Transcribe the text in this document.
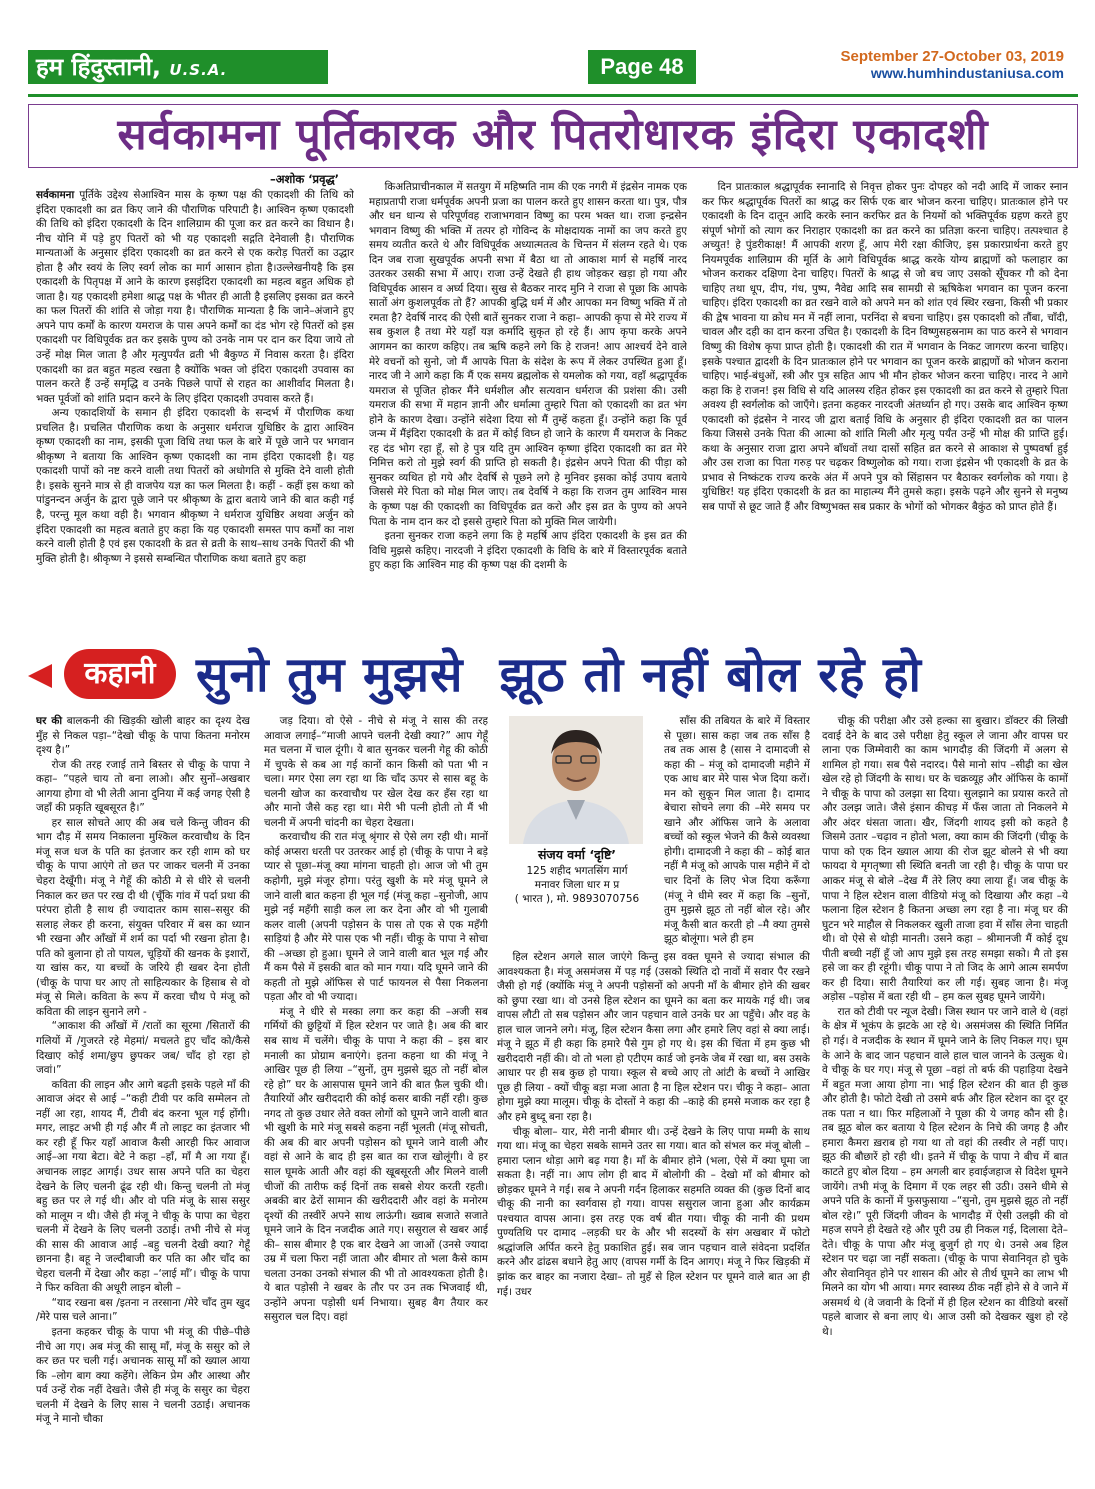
हम हिंदुस्तानी, U.S.A.	Page 48	September 27-October 03, 2019
www.humhindustaniusa.com
सर्वकामना पूर्तिकारक और पितरोधारक इंदिरा एकादशी
–अशोक ‘प्रवृद्ध’

सर्वकामना पूर्तिके उद्देश्य सेआश्विन मास के कृष्ण पक्ष की एकादशी की तिथि को इंदिरा एकादशी का व्रत किए जाने की पौराणिक परिपाटी है। आश्विन कृष्ण एकादशी की तिथि को इंदिरा एकादशी के दिन शालिग्राम की पूजा कर व्रत करने का विधान है। नीच योनि में पड़े हुए पितरों को भी यह एकादशी सद्गति देनेवाली है। पौराणिक मान्यताओं के अनुसार इंदिरा एकादशी का व्रत करने से एक करोड़ पितरों का उद्धार होता है और स्वयं के लिए स्वर्ग लोक का मार्ग आसान होता है।उल्लेखनीयहै कि इस एकादशी के पितृपक्ष में आने के कारण इसइंदिरा एकादशी का महत्व बहुत अधिक हो जाता है। यह एकादशी हमेशा श्राद्ध पक्ष के भीतर ही आती है इसलिए इसका व्रत करने का फल पितरों की शांति से जोड़ा गया है। पौराणिक मान्यता है कि जाने–अंजाने हुए अपने पाप कर्मों के कारण यमराज के पास अपने कर्मों का दंड भोग रहे पितरों को इस एकादशी पर विधिपूर्वक व्रत कर इसके पुण्य को उनके नाम पर दान कर दिया जाये तो उन्हें मोक्ष मिल जाता है और मृत्युपर्यंत व्रती भी बैकुण्ठ में निवास करता है। इंदिरा एकादशी का व्रत बहुत महत्व रखता है क्योंकि भक्त जो इंदिरा एकादशी उपवास का पालन करते हैं उन्हें समृद्धि व उनके पिछले पापों से राहत का आशीर्वाद मिलता है। भक्त पूर्वजों को शांति प्रदान करने के लिए इंदिरा एकादशी उपवास करते हैं।

अन्य एकादशियों के समान ही इंदिरा एकादशी के सन्दर्भ में पौराणिक कथा प्रचलित है। प्रचलित पौराणिक कथा के अनुसार धर्मराज युधिष्ठिर के द्वारा आश्विन कृष्ण एकादशी का नाम, इसकी पूजा विधि तथा फल के बारे में पूछे जाने पर भगवान श्रीकृष्ण ने बताया कि आश्विन कृष्ण एकादशी का नाम इंदिरा एकादशी है। यह एकादशी पापों को नष्ट करने वाली तथा पितरों को अधोगति से मुक्ति देने वाली होती है। इसके सुनने मात्र से ही वाजपेय यज्ञ का फल मिलता है। कहीं - कहीं इस कथा को पांडुनन्दन अर्जुन के द्वारा पूछे जाने पर श्रीकृष्ण के द्वारा बताये जाने की बात कही गई है, परन्तु मूल कथा वही है। भगवान श्रीकृष्ण ने धर्मराज युधिष्ठिर अथवा अर्जुन को इंदिरा एकादशी का महत्व बताते हुए कहा कि यह एकादशी समस्त पाप कर्मों का नाश करने वाली होती है एवं इस एकादशी के व्रत से व्रती के साथ–साथ उनके पितरों की भी मुक्ति होती है। श्रीकृष्ण ने इससे सम्बन्धित पौराणिक कथा बताते हुए कहा

किअतिप्राचीनकाल में सतयुग में महिष्मति नाम की एक नगरी में इंद्रसेन नामक एक महाप्रतापी राजा धर्मपूर्वक अपनी प्रजा का पालन करते हुए शासन करता था। पुत्र, पौत्र और धन धान्य से परिपूर्णवह राजाभगवान विष्णु का परम भक्त था। राजा इन्द्रसेन भगवान विष्णु की भक्ति में तत्पर हो गोविन्द के मोक्षदायक नामों का जप करते हुए समय व्यतीत करते थे और विधिपूर्वक अध्यात्मतत्व के चिन्तन में संलग्न रहते थे। एक दिन जब राजा सुखपूर्वक अपनी सभा में बैठा था तो आकाश मार्ग से महर्षि नारद उतरकर उसकी सभा में आए। राजा उन्हें देखते ही हाथ जोड़कर खड़ा हो गया और विधिपूर्वक आसन व अर्घ्य दिया। सुख से बैठकर नारद मुनि ने राजा से पूछा कि आपके सातों अंग कुशलपूर्वक तो हैं? आपकी बुद्धि धर्म में और आपका मन विष्णु भक्ति में तो रमता है? देवर्षि नारद की ऐसी बातें सुनकर राजा ने कहा– आपकी कृपा से मेरे राज्य में सब कुशल है तथा मेरे यहाँ यज्ञ कर्मादि सुकृत हो रहे हैं। आप कृपा करके अपने आगमन का कारण कहिए। तब ऋषि कहने लगे कि हे राजन! आप आश्चर्य देने वाले मेरे वचनों को सुनो, जो मैं आपके पिता के संदेश के रूप में लेकर उपस्थित हुआ हूँ। नारद जी ने आगे कहा कि मैं एक समय ब्रह्मलोक से यमलोक को गया, वहाँ श्रद्धापूर्वक यमराज से पूजित होकर मैंने धर्मशील और सत्यवान धर्मराज की प्रशंसा की। उसी यमराज की सभा में महान ज्ञानी और धर्मात्मा तुम्हारे पिता को एकादशी का व्रत भंग होने के कारण देखा। उन्होंने संदेशा दिया सो मैं तुम्हें कहता हूँ। उन्होंने कहा कि पूर्व जन्म में मैंइंदिरा एकादशी के व्रत में कोई विघ्न हो जाने के कारण मैं यमराज के निकट रह दंड भोग रहा हूँ, सो हे पुत्र यदि तुम आश्विन कृष्णा इंदिरा एकादशी का व्रत मेरे निमित्त करो तो मुझे स्वर्ग की प्राप्ति हो सकती है। इंद्रसेन अपने पिता की पीड़ा को सुनकर व्यथित हो गये और देवर्षि से पूछने लगे हे मुनिवर इसका कोई उपाय बताये जिससे मेरे पिता को मोक्ष मिल जाए। तब देवर्षि ने कहा कि राजन तुम आश्विन मास के कृष्ण पक्ष की एकादशी का विधिपूर्वक व्रत करो और इस व्रत के पुण्य को अपने पिता के नाम दान कर दो इससे तुम्हारे पिता को मुक्ति मिल जायेगी।

इतना सुनकर राजा कहने लगा कि हे महर्षि आप इंदिरा एकादशी के इस व्रत की विधि मुझसे कहिए। नारदजी ने इंदिरा एकादशी के विधि के बारे में विस्तारपूर्वक बताते हुए कहा कि आश्विन माह की कृष्ण पक्ष की दशमी के

दिन प्रातःकाल श्रद्धापूर्वक स्नानादि से निवृत्त होकर पुनः दोपहर को नदी आदि में जाकर स्नान कर फिर श्रद्धापूर्वक पितरों का श्राद्ध कर सिर्फ एक बार भोजन करना चाहिए। प्रातःकाल होने पर एकादशी के दिन दातून आदि करके स्नान करफिर व्रत के नियमों को भक्तिपूर्वक ग्रहण करते हुए संपूर्ण भोगों को त्याग कर निराहार एकादशी का व्रत करने का प्रतिज्ञा करना चाहिए। तत्पश्चात हे अच्युत! हे पुंडरीकाक्ष! मैं आपकी शरण हूँ, आप मेरी रक्षा कीजिए, इस प्रकारप्रार्थना करते हुए नियमपूर्वक शालिग्राम की मूर्ति के आगे विधिपूर्वक श्राद्ध करके योग्य ब्राह्मणों को फलाहार का भोजन कराकर दक्षिणा देना चाहिए। पितरों के श्राद्ध से जो बच जाए उसको सूँघकर गौ को देना चाहिए तथा धूप, दीप, गंध, पुष्प, नैवेद्य आदि सब सामग्री से ऋषिकेश भगवान का पूजन करना चाहिए। इंदिरा एकादशी का व्रत रखने वाले को अपने मन को शांत एवं स्थिर रखना, किसी भी प्रकार की द्वेष भावना या क्रोध मन में नहीं लाना, परनिंदा से बचना चाहिए। इस एकादशी को तौंबा, चाँदी, चावल और दही का दान करना उचित है। एकादशी के दिन विष्णुसहस्रनाम का पाठ करने से भगवान विष्णु की विशेष कृपा प्राप्त होती है। एकादशी की रात में भगवान के निकट जागरण करना चाहिए। इसके पश्चात द्वादशी के दिन प्रातःकाल होने पर भगवान का पूजन करके ब्राह्मणों को भोजन कराना चाहिए। भाई-बंधुओं, स्त्री और पुत्र सहित आप भी मौन होकर भोजन करना चाहिए। नारद ने आगे कहा कि हे राजन! इस विधि से यदि आलस्य रहित होकर इस एकादशी का व्रत करने से तुम्हारे पिता अवश्य ही स्वर्गलोक को जाएँगे। इतना कहकर नारदजी अंतर्ध्यान हो गए। उसके बाद आश्विन कृष्ण एकादशी को इंद्रसेन ने नारद जी द्वारा बताई विधि के अनुसार ही इंदिरा एकादशी व्रत का पालन किया जिससे उनके पिता की आत्मा को शांति मिली और मृत्यु पर्यंत उन्हें भी मोक्ष की प्राप्ति हुई। कथा के अनुसार राजा द्वारा अपने बाँधवों तथा दासों सहित व्रत करने से आकाश से पुष्पवर्षा हुई और उस राजा का पिता गरुड़ पर चढ़कर विष्णुलोक को गया। राजा इंद्रसेन भी एकादशी के व्रत के प्रभाव से निष्कंटक राज्य करके अंत में अपने पुत्र को सिंहासन पर बैठाकर स्वर्गलोक को गया। हे युधिष्ठिर! यह इंदिरा एकादशी के व्रत का माहात्म्य मैंने तुमसे कहा। इसके पढ़ने और सुनने से मनुष्य सब पापों से छूट जाते हैं और विष्णुभक्त सब प्रकार के भोगों को भोगकर बैकुंठ को प्राप्त होते हैं।

कहानी सुनो तुम मुझसे झूठ तो नहीं बोल रहे हो

घर की बालकनी की खिड़की खोली बाहर का दृश्य देख मुँह से निकल पड़ा–“देखो चीकू के पापा कितना मनोरम दृश्य है।”

रोज की तरह रजाई ताने बिस्तर से चीकू के पापा ने कहा– “पहले चाय तो बना लाओ। और सुनों–अखबार आगया होगा वो भी लेती आना दुनिया में कई जगह ऐसी है जहाँ की प्रकृति खूबसूरत है।”

हर साल सोचते आए की अब चले किन्तु जीवन की भाग दौड़ में समय निकालना मुश्किल करवाचौथ के दिन मंजू सज धज के पति का इंतजार कर रही शाम को घर चीकू के पापा आएंगे तो छत पर जाकर चलनी में उनका चेहरा देखूँगी। मंजू ने गेहूँ की कोठी मे से धीरे से चलनी निकाल कर छत पर रख दी थी (चूँकि गांव में पर्दा प्रथा की परंपरा होती है साथ ही ज्यादातर काम सास–ससुर की सलाह लेकर ही करना, संयुक्त परिवार में बस का ध्यान भी रखना और आँखों में शर्म का पर्दा भी रखना होता है। पति को बुलाना हो तो पायल, चूड़ियों की खनक के इशारों, या खांस कर, या बच्चों के जरिये ही खबर देना होती (चीकू के पापा घर आए तो साहित्यकार के हिसाब से वो मंजू से मिले। कविता के रूप में करवा चौथ पे मंजू को कविता की लाइन सुनाने लगे -

“आकाश की आँखों में /रातों का सूरमा /सितारों की गलियों में /गुजरते रहे मेहमां/ मचलते हुए चाँद को/कैसे दिखाए कोई शमा/छुप छुपकर जब/ चाँद हो रहा हो जवां।”

कविता की लाइन और आगे बढ़ती इसके पहले माँ की आवाज अंदर से आई –“कही टीवी पर कवि सम्मेलन तो नहीं आ रहा, शायद मैं, टीवी बंद करना भूल गई होंगी। मगर, लाइट अभी ही गई और मैं तो लाइट का इंतजार भी कर रही हूँ फिर यहाँ आवाज कैसी आरही फिर आवाज आई–आ गया बेटा। बेटे ने कहा –हाँ, माँ मै आ गया हूँ। अचानक लाइट आगई। उधर सास अपने पति का चेहरा देखने के लिए चलनी ढूंढ रही थी। किन्तु चलनी तो मंजू बहु छत पर ले गई थी। और वो पति मंजू के सास ससुर को मालूम न थी। जैसे ही मंजू ने चीकू के पापा का चेहरा चलनी में देखने के लिए चलनी उठाई। तभी नीचे से मंजू की सास की आवाज आई –बहु चलनी देखी क्या? गेहूँ छानना है। बहू ने जल्दीबाजी कर पति का और चाँद का चेहरा चलनी में देखा और कहा –‘लाई माँ’। चीकू के पापा ने फिर कविता की अधूरी लाइन बोली –

“याद रखना बस /इतना न तरसाना /मेरे चाँद तुम खुद /मेरे पास चले आना।”

इतना कहकर चीकू के पापा भी मंजू की पीछे–पीछे नीचे आ गए। अब मंजू की सासू माँ, मंजू के ससुर को ले कर छत पर चली गई। अचानक सासू माँ को ख्याल आया कि –लोग बाग क्या कहेंगे। लेकिन प्रेम और आस्था और पर्व उन्हें रोक नहीं देखते। जैसे ही मंजू के ससुर का चेहरा चलनी में देखने के लिए सास ने चलनी उठाई। अचानक मंजू ने मानो चौका

जड़ दिया। वो ऐसे - नीचे से मंजू ने सास की तरह आवाज लगाई–“माजी आपने चलनी देखी क्या?” आप गेहूँ मत चलना में चाल दूंगी। ये बात सुनकर चलनी गेहू की कोठी में चुपके से कब आ गई कानों कान किसी को पता भी न चला। मगर ऐसा लग रहा था कि चाँद ऊपर से सास बहू के चलनी खोज का करवाचौथ पर खेल देख कर हँस रहा था और मानो जैसे कह रहा था। मेरी भी पत्नी होती तो मैं भी चलनी में अपनी चांदनी का चेहरा देखता।

करवाचौथ की रात मंजू श्रृंगार से ऐसे लग रही थी। मानों कोई अप्सरा धरती पर उतरकर आई हो (चीकू के पापा ने बड़े प्यार से पूछा–मंजू क्या मांगना चाहती हो। आज जो भी तुम कहोगी, मुझे मंजूर होगा। परंतु खुशी के मरे मंजू घूमने ले जाने वाली बात कहना ही भूल गई (मंजू कहा –सुनोजी, आप मुझे नई महँगी साड़ी कल ला कर देना और वो भी गुलाबी कलर वाली (अपनी पड़ोसन के पास तो एक से एक महँगी साड़ियां है और मेरे पास एक भी नहीं। चीकू के पापा ने सोचा की –अच्छा हो हुआ। घूमने ले जाने वाली बात भूल गई और मैं कम पैसे में इसकी बात को मान गया। यदि घूमने जाने की कहती तो मुझे ऑफिस से पार्ट फायनल से पैसा निकलना पड़ता और वो भी ज्यादा।

मंजू ने धीरे से मस्का लगा कर कहा की –अजी सब गर्मियों की छुट्टियों में हिल स्टेशन पर जाते है। अब की बार सब साथ में चलेंगे। चीकू के पापा ने कहा की – इस बार मनाली का प्रोग्राम बनाएंगे। इतना कहना था की मंजू ने आखिर पूछ ही लिया –“सुनों, तुम मुझसे झूठ तो नहीं बोल रहे हो” घर के आसपास घूमने जाने की बात फ़ैल चुकी थी। तैयारियों और खरीददारी की कोई कसर बाकी नहीं रही। कुछ नगद तो कुछ उधार लेते वक्त लोगों को घूमने जाने वाली बात भी खुशी के मारे मंजू सबसे कहना नहीं भूलती (मंजू सोचती, की अब की बार अपनी पड़ोसन को घूमने जाने वाली और वहां से आने के बाद ही इस बात का राज खोलूंगी। वे हर साल घूमके आती और वहां की खूबसूरती और मिलने वाली चीजों की तारीफ कई दिनों तक सबसे शेयर करती रहती। अबकी बार ढेरों सामान की खरीददारी और वहां के मनोरम दृश्यों की तस्वीरें अपने साथ लाऊंगी। ख्वाब सजाते सजाते घूमने जाने के दिन नजदीक आते गए। ससुराल से खबर आई की– सास बीमार है एक बार देखने आ जाओं (उनसे ज्यादा उम्र में चला फिरा नहीं जाता और बीमार तो भला कैसे काम चलता उनका उनको संभाल की भी तो आवश्यकता होती है। ये बात पड़ोसी ने खबर के तौर पर उन तक भिजवाई थी, उन्होंने अपना पड़ोसी धर्म निभाया। सुबह बैग तैयार कर ससुराल चल दिए। वहां

संजय वर्मा ‘दृष्टि’
125 शहीद भगतसिंग मार्ग
मनावर जिला धार म प्र
( भारत ), मो. 9893070756

साँस की तबियत के बारे में विस्तार से पूछा। सास कहा जब तक साँस है तब तक आस है (सास ने दामादजी से कहा की – मंजू को दामादजी महीने में एक आध बार मेरे पास भेज दिया करों। मन को सुकून मिल जाता है। दामाद बेचारा सोचने लगा की –मेरे समय पर खाने और ऑफिस जाने के अलावा बच्चों को स्कूल भेजने की कैसे व्यवस्था होगी। दामादजी ने कहा की – कोई बात नहीं मै मंजू को आपके पास महीने में दो चार दिनों के लिए भेज दिया करूँगा (मंजू ने धीमे स्वर में कहा कि –सुनों, तुम मुझसे झूठ तो नहीं बोल रहे। और मंजू कैसी बात करती हो –मै क्या तुमसे झूठ बोलूंगा। भले ही हम

हिल स्टेशन अगले साल जाएंगे किन्तु इस वक्त घूमने से ज्यादा संभाल की आवश्यकता है। मंजू असमंजस में पड़ गई (उसको स्थिति दो नावों में सवार पैर रखने जैसी हो गई (क्योंकि मंजू ने अपनी पड़ोसनों को अपनी माँ के बीमार होने की खबर को छुपा रखा था। वो उनसे हिल स्टेशन का घूमने का बता कर मायके गई थी। जब वापस लौटी तो सब पड़ोसन और जान पहचान वाले उनके घर आ पहुँचे। और वह के हाल चाल जानने लगे। मंजू, हिल स्टेशन कैसा लगा और हमारे लिए वहां से क्या लाई। मंजू ने झूठ में ही कहा कि हमारे पैसे गुम हो गए थे। इस की चिंता में हम कुछ भी खरीददारी नहीं की। वो तो भला हो एटीएम कार्ड जो इनके जेब में रखा था, बस उसके आधार पर ही सब कुछ हो पाया। स्कूल से बच्चे आए तो आंटी के बच्चों ने आखिर पूछ ही लिया - क्यों चीकू बड़ा मजा आता है ना हिल स्टेशन पर। चीकू ने कहा– आता होगा मुझे क्या मालूम। चीकू के दोस्तों ने कहा की –काहे की हमसे मजाक कर रहा है और हमे बुध्दू बना रहा है।

चीकू बोला– यार, मेरी नानी बीमार थी। उन्हें देखने के लिए पापा मम्मी के साथ गया था। मंजू का चेहरा सबके सामने उतर सा गया। बात को संभल कर मंजू बोली – हमारा प्लान थोड़ा आगे बढ़ गया है। माँ के बीमार होने (भला, ऐसे में क्या घूमा जा सकता है। नहीं ना। आप लोग ही बाद में बोलोगी की – देखो माँ को बीमार को छोड़कर घूमने ने गई। सब ने अपनी गर्दन हिलाकर सहमति व्यक्त की (कुछ दिनों बाद चीकू की नानी का स्वर्गवास हो गया। वापस ससुराल जाना हुआ और कार्यक्रम पश्चयात वापस आना। इस तरह एक वर्ष बीत गया। चीकू की नानी की प्रथम पुण्यतिथि पर दामाद –लड़की घर के और भी सदस्यों के संग अखबार में फोटो श्रद्धांजलि अर्पित करने हेतु प्रकाशित हुई। सब जान पहचान वाले संवेदना प्रदर्शित करने और ढांढस बधाने हेतु आए (वापस गर्मी के दिन आगए। मंजू ने फिर खिड़की में झांक कर बाहर का नजारा देखा– तो मुहँ से हिल स्टेशन पर घूमने वाले बात आ ही गई। उधर

चीकू की परीक्षा और उसे हल्का सा बुखार। डॉक्टर की लिखी दवाई देने के बाद उसे परीक्षा हेतु स्कूल ले जाना और वापस घर लाना एक जिम्मेवारी का काम भागदौड़ की जिंदगी में अलग से शामिल हो गया। सब पैसे नदारद। पैसे मानो सांप –सीढ़ी का खेल खेल रहे हो जिंदगी के साथ। घर के चक्रव्यूह और ऑफिस के कामों ने चीकू के पापा को उलझा सा दिया। सुलझाने का प्रयास करते तो और उलझ जाते। जैसे इंसान कीचड़ में फँस जाता तो निकलने मे और अंदर धंसता जाता। खैर, जिंदगी शायद इसी को कहते है जिसमे उतार –चढ़ाव न होतो भला, क्या काम की जिंदगी (चीकू के पापा को एक दिन ख्याल आया की रोज झूट बोलने से भी क्या फायदा ये मृगतृष्णा सी स्थिति बनती जा रही है। चीकू के पापा घर आकर मंजू से बोले –देख मैं तेरे लिए क्या लाया हूँ। जब चीकू के पापा ने हिल स्टेशन वाला वीडियो मंजू को दिखाया और कहा –ये फलाना हिल स्टेशन है कितना अच्छा लग रहा है ना। मंजू घर की घुटन भरे माहौल से निकलकर खुली ताजा हवा में साँस लेना चाहती थी। वो ऐसे से थोड़ी मानती। उसने कहा – श्रीमानजी मैं कोई दूध पीती बच्ची नहीं हूँ जो आप मुझे इस तरह समझा सको। मै तो इस हसे जा कर ही रहूंगी। चीकू पापा ने तो जिद के आगे आत्म समर्पण कर ही दिया। सारी तैयारियां कर ली गई। सुबह जाना है। मंजू अड़ोस –पड़ोस में बता रही थी – हम कल सुबह घूमने जायेंगे।

रात को टीवी पर न्यूज देखी। जिस स्थान पर जाने वाले थे (वहां के क्षेत्र में भूकंप के झटके आ रहे थे। असमंजस की स्थिति निर्मित हो गई। वे नजदीक के स्थान में घूमने जाने के लिए निकल गए। घूम के आने के बाद जान पहचान वाले हाल चाल जानने के उत्सुक थे। वे चीकू के घर गए। मंजू से पूछा –वहां तो बर्फ की पहाड़िया देखने में बहुत मजा आया होगा ना। भाई हिल स्टेशन की बात ही कुछ और होती है। फोटो देखी तो उसमे बर्फ और हिल स्टेशन का दूर दूर तक पता न था। फिर महिलाओं ने पूछा की ये जगह कौन सी है। तब झूठ बोल कर बताया ये हिल स्टेशन के निचे की जगह है और हमारा कैमरा ख़राब हो गया था तो वहां की तस्वीर ले नहीं पाए। झूठ की बौछारें हो रही थी। इतने में चीकू के पापा ने बीच में बात काटते हुए बोल दिया – हम अगली बार हवाईजहाज से विदेश घूमने जायेंगे। तभी मंजू के दिमाग में एक लहर सी उठी। उसने धीमे से अपने पति के कानों में फुसफुसाया –“सुनो, तुम मुझसे झूठ तो नहीं बोल रहे।” पूरी जिंदगी जीवन के भागदौड़ में ऐसी उलझी की वो महज सपने ही देखते रहे और पूरी उम्र ही निकल गई, दिलासा देते– देते। चीकू के पापा और मंजू बुजुर्ग हो गए थे। उनसे अब हिल स्टेशन पर चढ़ा जा नहीं सकता। (चीकू के पापा सेवानिवृत हो चुके और सेवानिवृत होने पर शासन की ओर से तीर्थ घूमने का लाभ भी मिलने का योग भी आया। मगर स्वास्थ्य ठीक नहीं होने से वे जाने में असमर्थ थे (वे जवानी के दिनों में ही हिल स्टेशन का वीडियो बरसों पहले बाजार से बना लाए थे। आज उसी को देखकर खुश हो रहे थे।
